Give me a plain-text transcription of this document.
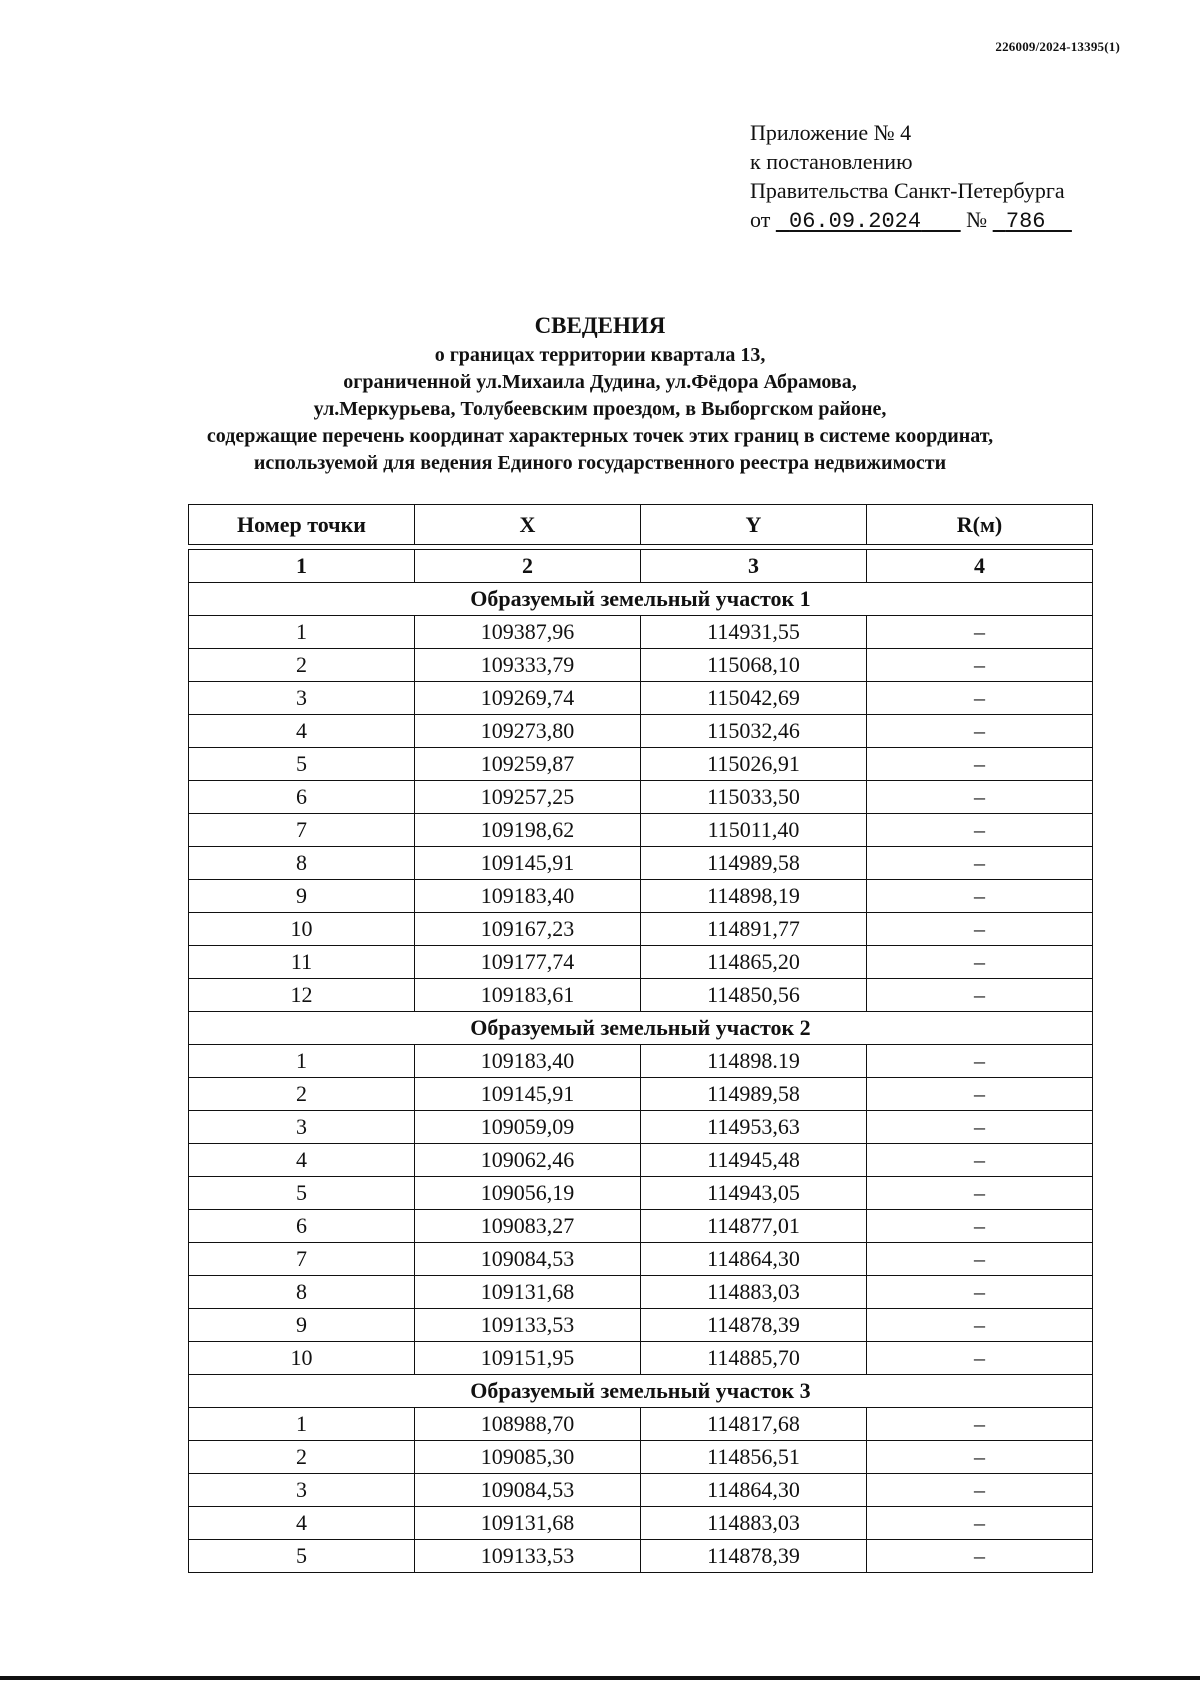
226009/2024-13395(1)
Приложение № 4
к постановлению
Правительства Санкт-Петербурга
от 06.09.2024 № 786
СВЕДЕНИЯ
о границах территории квартала 13,
ограниченной ул.Михаила Дудина, ул.Фёдора Абрамова,
ул.Меркурьева, Толубеевским проездом, в Выборгском районе,
содержащие перечень координат характерных точек этих границ в системе координат,
используемой для ведения Единого государственного реестра недвижимости
Номер точки	X	Y	R(м)

1	2	3	4
Образуемый земельный участок 1			
1	109387,96	114931,55	–
2	109333,79	115068,10	–
3	109269,74	115042,69	–
4	109273,80	115032,46	–
5	109259,87	115026,91	–
6	109257,25	115033,50	–
7	109198,62	115011,40	–
8	109145,91	114989,58	–
9	109183,40	114898,19	–
10	109167,23	114891,77	–
11	109177,74	114865,20	–
12	109183,61	114850,56	–
Образуемый земельный участок 2			
1	109183,40	114898.19	–
2	109145,91	114989,58	–
3	109059,09	114953,63	–
4	109062,46	114945,48	–
5	109056,19	114943,05	–
6	109083,27	114877,01	–
7	109084,53	114864,30	–
8	109131,68	114883,03	–
9	109133,53	114878,39	–
10	109151,95	114885,70	–
Образуемый земельный участок 3			
1	108988,70	114817,68	–
2	109085,30	114856,51	–
3	109084,53	114864,30	–
4	109131,68	114883,03	–
5	109133,53	114878,39	–
